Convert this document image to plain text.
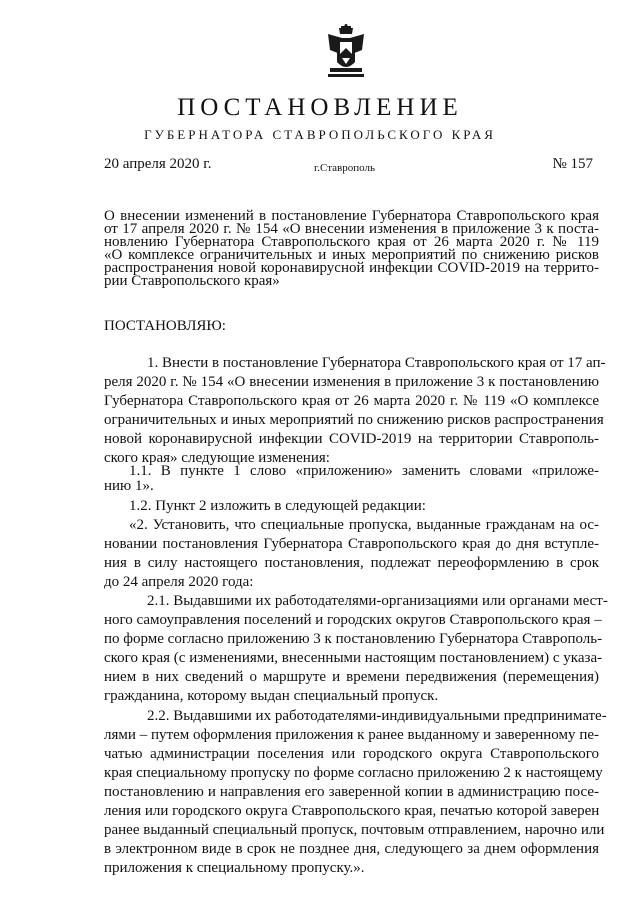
ПОСТАНОВЛЕНИЕ
ГУБЕРНАТОРА СТАВРОПОЛЬСКОГО КРАЯ
20 апреля 2020 г.	г.Ставрополь	№ 157
О внесении изменений в постановление Губернатора Ставропольского края
от 17 апреля 2020 г. № 154 «О внесении изменения в приложение 3 к поста-
новлению Губернатора Ставропольского края от 26 марта 2020 г. № 119
«О комплексе ограничительных и иных мероприятий по снижению рисков
распространения новой коронавирусной инфекции COVID-2019 на террито-
рии Ставропольского края»
ПОСТАНОВЛЯЮ:
1. Внести в постановление Губернатора Ставропольского края от 17 ап-
реля 2020 г. № 154 «О внесении изменения в приложение 3 к постановлению
Губернатора Ставропольского края от 26 марта 2020 г. № 119 «О комплексе
ограничительных и иных мероприятий по снижению рисков распространения
новой коронавирусной инфекции COVID-2019 на территории Ставрополь-
ского края» следующие изменения:
1.1. В пункте 1 слово «приложению» заменить словами «приложе-
нию 1».
1.2. Пункт 2 изложить в следующей редакции:
«2. Установить, что специальные пропуска, выданные гражданам на ос-
новании постановления Губернатора Ставропольского края до дня вступле-
ния в силу настоящего постановления, подлежат переоформлению в срок
до 24 апреля 2020 года:
2.1. Выдавшими их работодателями-организациями или органами мест-
ного самоуправления поселений и городских округов Ставропольского края –
по форме согласно приложению 3 к постановлению Губернатора Ставрополь-
ского края (с изменениями, внесенными настоящим постановлением) с указа-
нием в них сведений о маршруте и времени передвижения (перемещения)
гражданина, которому выдан специальный пропуск.
2.2. Выдавшими их работодателями-индивидуальными предпринимате-
лями – путем оформления приложения к ранее выданному и заверенному пе-
чатью администрации поселения или городского округа Ставропольского
края специальному пропуску по форме согласно приложению 2 к настоящему
постановлению и направления его заверенной копии в администрацию посе-
ления или городского округа Ставропольского края, печатью которой заверен
ранее выданный специальный пропуск, почтовым отправлением, нарочно или
в электронном виде в срок не позднее дня, следующего за днем оформления
приложения к специальному пропуску.».
